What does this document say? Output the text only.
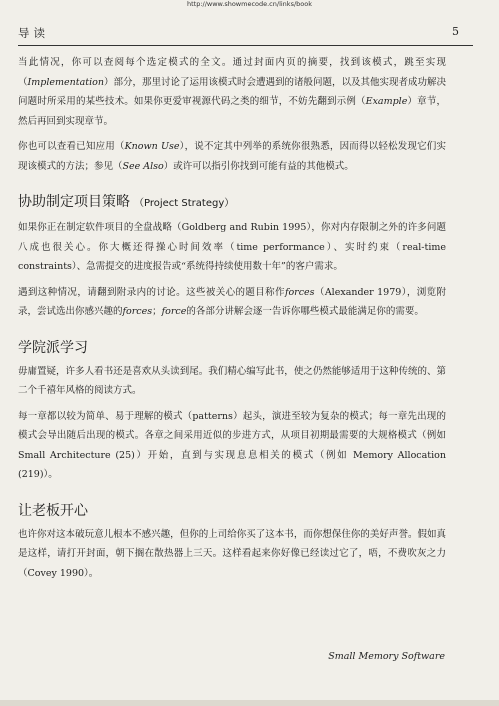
http://www.showmecode.cn/links/book
导读	5

当此情况，你可以查阅每个选定模式的全文。通过封面内页的摘要，找到该模式，跳至实现（Implementation）部分，那里讨论了运用该模式时会遭遇到的诸般问题，以及其他实现者成功解决问题时所采用的某些技术。如果你更爱审视源代码之类的细节，不妨先翻到示例（Example）章节，然后再回到实现章节。

你也可以查看已知应用（Known Use），说不定其中列举的系统你很熟悉，因而得以轻松发现它们实现该模式的方法；参见（See Also）或许可以指引你找到可能有益的其他模式。

协助制定项目策略 （Project Strategy）

如果你正在制定软件项目的全盘战略（Goldberg and Rubin 1995），你对内存限制之外的许多问题八成也很关心。你大概还得操心时间效率（time performance）、实时约束（real-time constraints）、急需提交的进度报告或“系统得持续使用数十年”的客户需求。

遇到这种情况，请翻到附录内的讨论。这些被关心的题目称作forces（Alexander 1979），浏览附录，尝试选出你感兴趣的forces；force的各部分讲解会逐一告诉你哪些模式最能满足你的需要。

学院派学习

毋庸置疑，许多人看书还是喜欢从头读到尾。我们精心编写此书，使之仍然能够适用于这种传统的、第二个千禧年风格的阅读方式。

每一章都以较为简单、易于理解的模式（patterns）起头，演进至较为复杂的模式；每一章先出现的模式会导出随后出现的模式。各章之间采用近似的步进方式，从项目初期最需要的大规格模式（例如 Small Architecture (25)）开始，直到与实现息息相关的模式（例如 Memory Allocation (219)）。

让老板开心

也许你对这本破玩意儿根本不感兴趣，但你的上司给你买了这本书，而你想保住你的美好声誉。假如真是这样，请打开封面，朝下搁在散热器上三天。这样看起来你好像已经读过它了，唔，不费吹灰之力（Covey 1990）。

Small Memory Software
